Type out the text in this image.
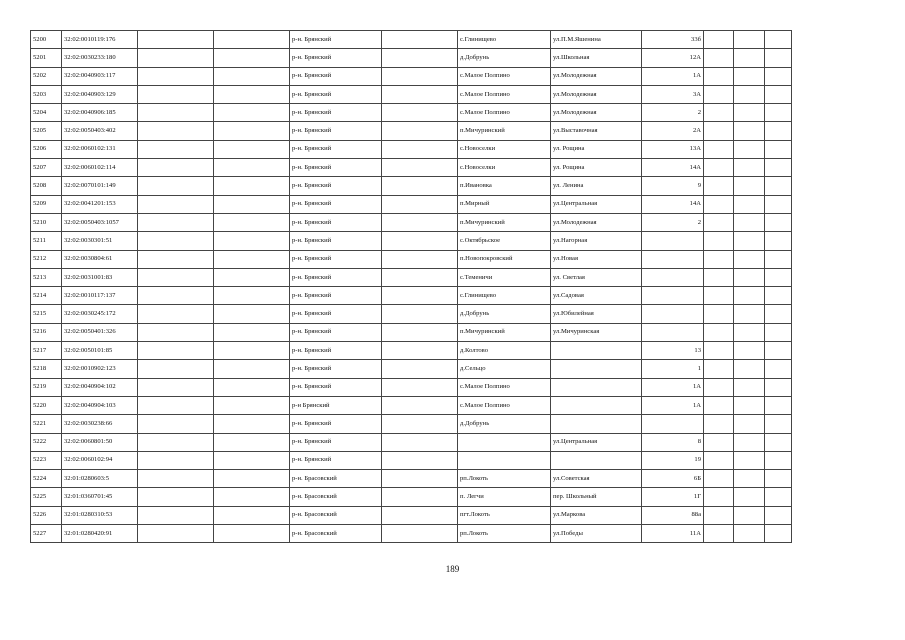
5200	32:02:0010119:176			р-н. Брянский		с.Глинищево	ул.П.М.Яшенина	33б			
5201	32:02:0030233:180			р-н. Брянский		д.Добрунь	ул.Школьная	12А			
5202	32:02:0040903:117			р-н. Брянский		с.Малое Полпино	ул.Молодежная	1А			
5203	32:02:0040903:129			р-н. Брянский		с.Малое Полпино	ул.Молодежная	3А			
5204	32:02:0040906:185			р-н. Брянский		с.Малое Полпино	ул.Молодежная	2			
5205	32:02:0050403:402			р-н. Брянский		п.Мичуринский	ул.Выставочная	2А			
5206	32:02:0060102:131			р-н. Брянский		с.Новоселки	ул. Рощина	13А			
5207	32:02:0060102:114			р-н. Брянский		с.Новоселки	ул. Рощина	14А			
5208	32:02:0070101:149			р-н. Брянский		п.Ивановка	ул. Ленина	9			
5209	32:02:0041201:153			р-н. Брянский		п.Мирный	ул.Центральная	14А			
5210	32:02:0050403:1057			р-н. Брянский		п.Мичуринский	ул.Молодежная	2			
5211	32:02:0030301:51			р-н. Брянский		с.Октябрьское	ул.Нагорная				
5212	32:02:0030804:61			р-н. Брянский		п.Новопокровский	ул.Новая				
5213	32:02:0031001:83			р-н. Брянский		с.Теменичи	ул. Светлая				
5214	32:02:0010117:137			р-н. Брянский		с.Глинищево	ул.Садовая				
5215	32:02:0030245:172			р-н. Брянский		д.Добрунь	ул.Юбилейная				
5216	32:02:0050401:326			р-н. Брянский		п.Мичуринский	ул.Мичуринская				
5217	32:02:0050101:85			р-н. Брянский		д.Колтово		13			
5218	32:02:0010902:123			р-н. Брянский		д.Сельцо		1			
5219	32:02:0040904:102			р-н. Брянский		с.Малое Полпино		1А			
5220	32:02:0040904:103			р-н Брянский		с.Малое Полпино		1А			
5221	32:02:0030238:66			р-н. Брянский		д.Добрунь					
5222	32:02:0060801:50			р-н. Брянский			ул.Центральная	8			
5223	32:02:0060102:94			р-н. Брянский				19			
5224	32:01:0280603:5			р-н. Брасовский		рп.Локоть	ул.Советская	6Б			
5225	32:01:0360701:45			р-н. Брасовский		п. Легчи	пер. Школьный	1Г			
5226	32:01:0280310:53			р-н. Брасовский		пгт.Локоть	ул.Маркова	88а			
5227	32:01:0280420:91			р-н. Брасовский		рп.Локоть	ул.Победы	11А			
189
